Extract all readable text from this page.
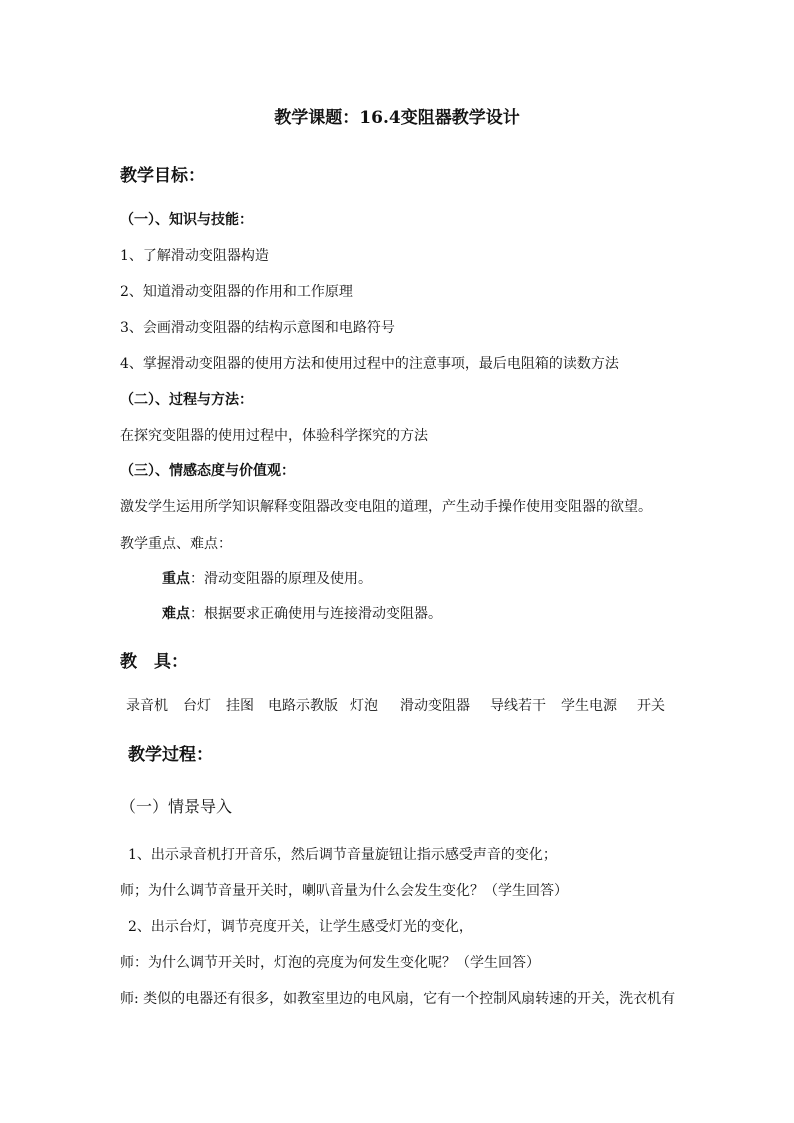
教学课题：16.4变阻器教学设计
教学目标：
（一）、知识与技能：
1、了解滑动变阻器构造
2、知道滑动变阻器的作用和工作原理
3、会画滑动变阻器的结构示意图和电路符号
4、掌握滑动变阻器的使用方法和使用过程中的注意事项，最后电阻箱的读数方法
（二）、过程与方法：
在探究变阻器的使用过程中，体验科学探究的方法
（三）、情感态度与价值观：
激发学生运用所学知识解释变阻器改变电阻的道理，产生动手操作使用变阻器的欲望。
教学重点、难点：
重点：滑动变阻器的原理及使用。
难点：根据要求正确使用与连接滑动变阻器。
教　具：
录音机 台灯 挂图 电路示教版 灯泡 滑动变阻器 导线若干 学生电源 开关
教学过程：
（一）情景导入
1、出示录音机打开音乐，然后调节音量旋钮让指示感受声音的变化；
师；为什么调节音量开关时，喇叭音量为什么会发生变化？（学生回答）
2、出示台灯，调节亮度开关，让学生感受灯光的变化，
师：为什么调节开关时，灯泡的亮度为何发生变化呢？（学生回答）
师: 类似的电器还有很多，如教室里边的电风扇，它有一个控制风扇转速的开关，洗衣机有
